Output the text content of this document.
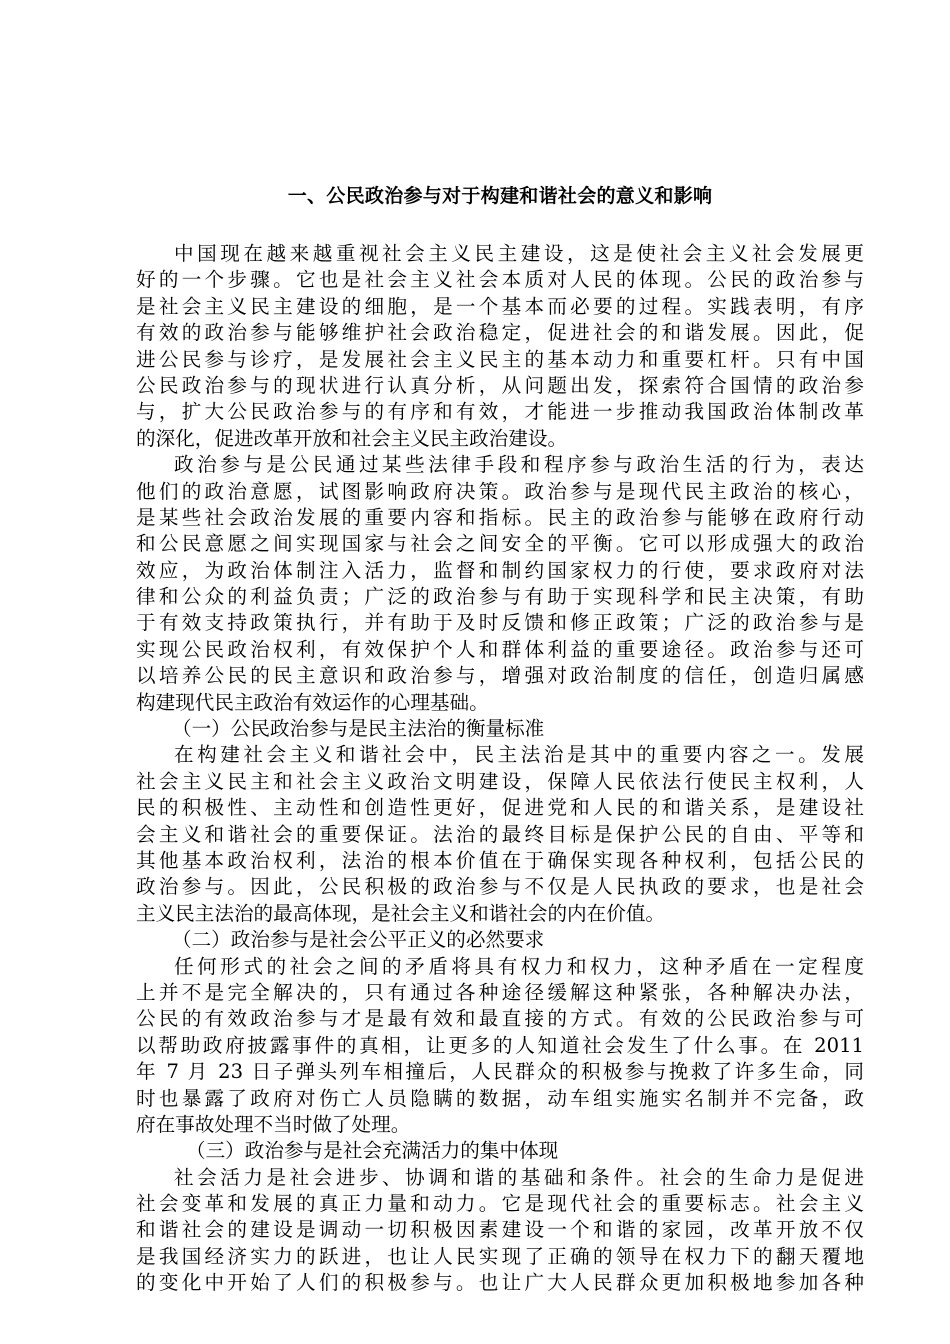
一、公民政治参与对于构建和谐社会的意义和影响
中国现在越来越重视社会主义民主建设，这是使社会主义社会发展更
好的一个步骤。它也是社会主义社会本质对人民的体现。公民的政治参与
是社会主义民主建设的细胞，是一个基本而必要的过程。实践表明，有序
有效的政治参与能够维护社会政治稳定，促进社会的和谐发展。因此，促
进公民参与诊疗，是发展社会主义民主的基本动力和重要杠杆。只有中国
公民政治参与的现状进行认真分析，从问题出发，探索符合国情的政治参
与，扩大公民政治参与的有序和有效，才能进一步推动我国政治体制改革
的深化，促进改革开放和社会主义民主政治建设。
政治参与是公民通过某些法律手段和程序参与政治生活的行为，表达
他们的政治意愿，试图影响政府决策。政治参与是现代民主政治的核心，
是某些社会政治发展的重要内容和指标。民主的政治参与能够在政府行动
和公民意愿之间实现国家与社会之间安全的平衡。它可以形成强大的政治
效应，为政治体制注入活力，监督和制约国家权力的行使，要求政府对法
律和公众的利益负责；广泛的政治参与有助于实现科学和民主决策，有助
于有效支持政策执行，并有助于及时反馈和修正政策；广泛的政治参与是
实现公民政治权利，有效保护个人和群体利益的重要途径。政治参与还可
以培养公民的民主意识和政治参与，增强对政治制度的信任，创造归属感
构建现代民主政治有效运作的心理基础。
（一）公民政治参与是民主法治的衡量标准
在构建社会主义和谐社会中，民主法治是其中的重要内容之一。发展
社会主义民主和社会主义政治文明建设，保障人民依法行使民主权利，人
民的积极性、主动性和创造性更好，促进党和人民的和谐关系，是建设社
会主义和谐社会的重要保证。法治的最终目标是保护公民的自由、平等和
其他基本政治权利，法治的根本价值在于确保实现各种权利，包括公民的
政治参与。因此，公民积极的政治参与不仅是人民执政的要求，也是社会
主义民主法治的最高体现，是社会主义和谐社会的内在价值。
（二）政治参与是社会公平正义的必然要求
任何形式的社会之间的矛盾将具有权力和权力，这种矛盾在一定程度
上并不是完全解决的，只有通过各种途径缓解这种紧张，各种解决办法，
公民的有效政治参与才是最有效和最直接的方式。有效的公民政治参与可
以帮助政府披露事件的真相，让更多的人知道社会发生了什么事。在 2011
年 7 月 23 日子弹头列车相撞后，人民群众的积极参与挽救了许多生命，同
时也暴露了政府对伤亡人员隐瞒的数据，动车组实施实名制并不完备，政
府在事故处理不当时做了处理。
（三）政治参与是社会充满活力的集中体现
社会活力是社会进步、协调和谐的基础和条件。社会的生命力是促进
社会变革和发展的真正力量和动力。它是现代社会的重要标志。社会主义
和谐社会的建设是调动一切积极因素建设一个和谐的家园，改革开放不仅
是我国经济实力的跃进，也让人民实现了正确的领导在权力下的翻天覆地
的变化中开始了人们的积极参与。也让广大人民群众更加积极地参加各种
